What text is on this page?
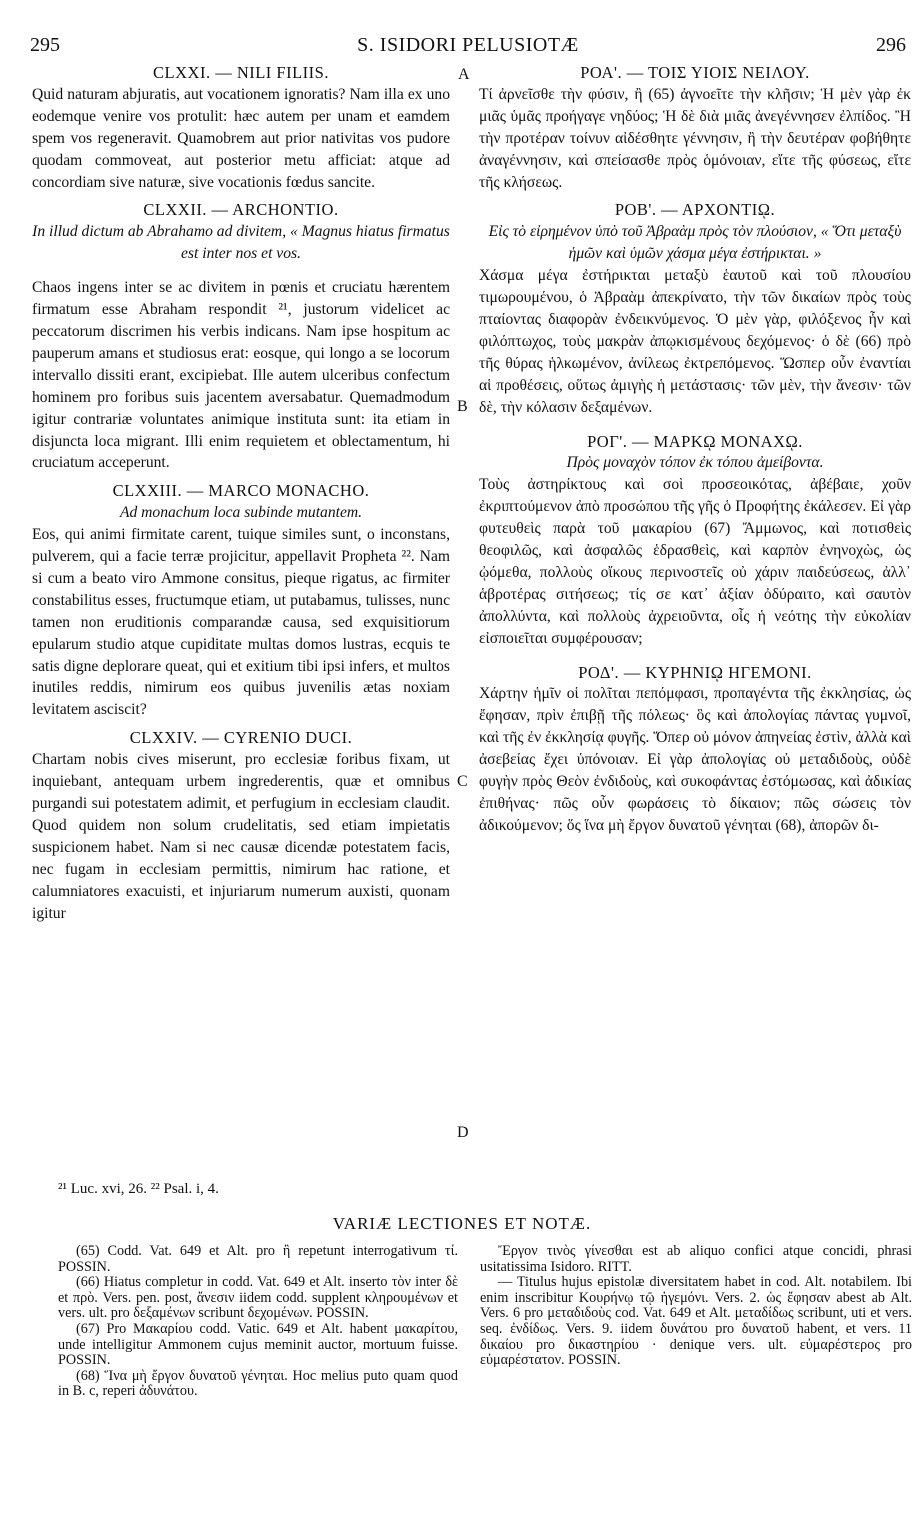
295	S. ISIDORI PELUSIOTÆ	296
A
B
C
D

CLXXI. — NILI FILIIS.

Quid naturam abjuratis, aut vocationem ignoratis? Nam illa ex uno eodemque venire vos protulit: hæc autem per unam et eamdem spem vos regeneravit. Quamobrem aut prior nativitas vos pudore quodam commoveat, aut posterior metu afficiat: atque ad concordiam sive naturæ, sive vocationis fœdus sancite.

CLXXII. — ARCHONTIO.

In illud dictum ab Abrahamo ad divitem, « Magnus hiatus firmatus est inter nos et vos.

Chaos ingens inter se ac divitem in pœnis et cruciatu hærentem firmatum esse Abraham respondit ²¹, justorum videlicet ac peccatorum discrimen his verbis indicans. Nam ipse hospitum ac pauperum amans et studiosus erat: eosque, qui longo a se locorum intervallo dissiti erant, excipiebat. Ille autem ulceribus confectum hominem pro foribus suis jacentem aversabatur. Quemadmodum igitur contrariæ voluntates animique instituta sunt: ita etiam in disjuncta loca migrant. Illi enim requietem et oblectamentum, hi cruciatum acceperunt.

CLXXIII. — MARCO MONACHO.

Ad monachum loca subinde mutantem.

Eos, qui animi firmitate carent, tuique similes sunt, o inconstans, pulverem, qui a facie terræ projicitur, appellavit Propheta ²². Nam si cum a beato viro Ammone consitus, pieque rigatus, ac firmiter constabilitus esses, fructumque etiam, ut putabamus, tulisses, nunc tamen non eruditionis comparandæ causa, sed exquisitiorum epularum studio atque cupiditate multas domos lustras, ecquis te satis digne deplorare queat, qui et exitium tibi ipsi infers, et multos inutiles reddis, nimirum eos quibus juvenilis ætas noxiam levitatem asciscit?

CLXXIV. — CYRENIO DUCI.

Chartam nobis cives miserunt, pro ecclesiæ foribus fixam, ut inquiebant, antequam urbem ingrederentis, quæ et omnibus purgandi sui potestatem adimit, et perfugium in ecclesiam claudit. Quod quidem non solum crudelitatis, sed etiam impietatis suspicionem habet. Nam si nec causæ dicendæ potestatem facis, nec fugam in ecclesiam permittis, nimirum hac ratione, et calumniatores exacuisti, et injuriarum numerum auxisti, quonam igitur

ΡΟΑ'. — ΤΟΙΣ ΥΙΟΙΣ ΝΕΙΛΟΥ.

Τί ἀρνεῖσθε τὴν φύσιν, ἢ (65) ἀγνοεῖτε τὴν κλῆσιν; Ἡ μὲν γὰρ ἐκ μιᾶς ὑμᾶς προήγαγε νηδύος; Ἡ δὲ διὰ μιᾶς ἀνεγέννησεν ἐλπίδος. Ἢ τὴν προτέραν τοίνυν αἰδέσθητε γέννησιν, ἢ τὴν δευτέραν φοβήθητε ἀναγέννησιν, καὶ σπείσασθε πρὸς ὁμόνοιαν, εἴτε τῆς φύσεως, εἴτε τῆς κλήσεως.

ΡΟΒ'. — ΑΡΧΟΝΤΙῼ.

Εἰς τὸ εἰρημένον ὑπὸ τοῦ Ἀβραὰμ πρὸς τὸν πλούσιον, « Ὅτι μεταξὺ ἡμῶν καὶ ὑμῶν χάσμα μέγα ἐστήρικται. »

Χάσμα μέγα ἐστήρικται μεταξὺ ἑαυτοῦ καὶ τοῦ πλουσίου τιμωρουμένου, ὁ Ἀβραὰμ ἀπεκρίνατο, τὴν τῶν δικαίων πρὸς τοὺς πταίοντας διαφορὰν ἐνδεικνύμενος. Ὁ μὲν γὰρ, φιλόξενος ἦν καὶ φιλόπτωχος, τοὺς μακρὰν ἀπῳκισμένους δεχόμενος· ὁ δὲ (66) πρὸ τῆς θύρας ἡλκωμένον, ἀνίλεως ἐκτρεπόμενος. Ὥσπερ οὖν ἐναντίαι αἱ προθέσεις, οὕτως ἀμιγὴς ἡ μετάστασις· τῶν μὲν, τὴν ἄνεσιν· τῶν δὲ, τὴν κόλασιν δεξαμένων.

ΡΟΓ'. — ΜΑΡΚῼ ΜΟΝΑΧῼ.

Πρὸς μοναχὸν τόπον ἐκ τόπου ἀμείβοντα.

Τοὺς ἀστηρίκτους καὶ σοὶ προσεοικότας, ἀβέβαιε, χοῦν ἐκριπτούμενον ἀπὸ προσώπου τῆς γῆς ὁ Προφήτης ἐκάλεσεν. Εἰ γὰρ φυτευθεὶς παρὰ τοῦ μακαρίου (67) Ἄμμωνος, καὶ ποτισθεὶς θεοφιλῶς, καὶ ἀσφαλῶς ἑδρασθεὶς, καὶ καρπὸν ἐνηνοχὼς, ὡς ᾠόμεθα, πολλοὺς οἴκους περινοστεῖς οὐ χάριν παιδεύσεως, ἀλλ᾽ ἁβροτέρας σιτήσεως; τίς σε κατ᾽ ἀξίαν ὀδύραιτο, καὶ σαυτὸν ἀπολλύντα, καὶ πολλοὺς ἀχρειοῦντα, οἷς ἡ νεότης τὴν εὐκολίαν εἰσποιεῖται συμφέρουσαν;

ΡΟΔ'. — ΚΥΡΗΝΙῼ ΗΓΕΜΟΝΙ.

Χάρτην ἡμῖν οἱ πολῖται πεπόμφασι, προπαγέντα τῆς ἐκκλησίας, ὡς ἔφησαν, πρὶν ἐπιβῇ τῆς πόλεως· ὃς καὶ ἀπολογίας πάντας γυμνοῖ, καὶ τῆς ἐν ἐκκλησίᾳ φυγῆς. Ὅπερ οὐ μόνον ἀπηνείας ἐστὶν, ἀλλὰ καὶ ἀσεβείας ἔχει ὑπόνοιαν. Εἰ γὰρ ἀπολογίας οὐ μεταδιδοὺς, οὐδὲ φυγὴν πρὸς Θεὸν ἐνδιδοὺς, καὶ συκοφάντας ἐστόμωσας, καὶ ἀδικίας ἐπιθήνας· πῶς οὖν φωράσεις τὸ δίκαιον; πῶς σώσεις τὸν ἀδικούμενον; ὅς ἵνα μὴ ἔργον δυνατοῦ γένηται (68), ἀπορῶν δι-

²¹ Luc. xvi, 26. ²² Psal. i, 4.
VARIÆ LECTIONES ET NOTÆ.

(65) Codd. Vat. 649 et Alt. pro ἢ repetunt interrogativum τί. POSSIN.

(66) Hiatus completur in codd. Vat. 649 et Alt. inserto τὸν inter δὲ et πρὸ. Vers. pen. post, ἄνεσιν iidem codd. supplent κληρουμένων et vers. ult. pro δεξαμένων scribunt δεχομένων. POSSIN.

(67) Pro Μακαρίου codd. Vatic. 649 et Alt. habent μακαρίτου, unde intelligitur Ammonem cujus meminit auctor, mortuum fuisse. POSSIN.

(68) Ἵνα μὴ ἔργον δυνατοῦ γένηται. Hoc melius puto quam quod in B. c, reperi ἀδυνάτου.

Ἔργον τινὸς γίνεσθαι est ab aliquo confici atque concidi, phrasi usitatissima Isidoro. RITT.

— Titulus hujus epistolæ diversitatem habet in cod. Alt. notabilem. Ibi enim inscribitur Κουρήνῳ τῷ ἡγεμόνι. Vers. 2. ὡς ἔφησαν abest ab Alt. Vers. 6 pro μεταδιδοὺς cod. Vat. 649 et Alt. μεταδίδως scribunt, uti et vers. seq. ἐνδίδως. Vers. 9. iidem δυνάτου pro δυνατοῦ habent, et vers. 11 δικαίου pro δικαστηρίου · denique vers. ult. εὐμαρέστερος pro εὐμαρέστατον. POSSIN.
